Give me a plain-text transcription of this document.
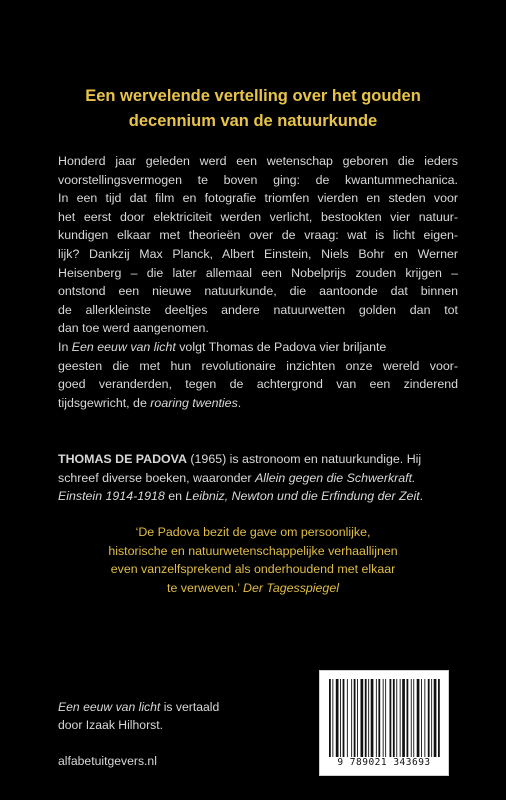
Een wervelende vertelling over het gouden
decennium van de natuurkunde
Honderd jaar geleden werd een wetenschap geboren die ieders
voorstellingsvermogen te boven ging: de kwantummechanica.
In een tijd dat film en fotografie triomfen vierden en steden voor
het eerst door elektriciteit werden verlicht, bestookten vier natuur-
kundigen elkaar met theorieën over de vraag: wat is licht eigen-
lijk? Dankzij Max Planck, Albert Einstein, Niels Bohr en Werner
Heisenberg – die later allemaal een Nobelprijs zouden krijgen –
ontstond een nieuwe natuurkunde, die aantoonde dat binnen
de allerkleinste deeltjes andere natuurwetten golden dan tot
dan toe werd aangenomen.
In Een eeuw van licht volgt Thomas de Padova vier briljante
geesten die met hun revolutionaire inzichten onze wereld voor-
goed veranderden, tegen de achtergrond van een zinderend
tijdsgewricht, de roaring twenties.
THOMAS DE PADOVA (1965) is astronoom en natuurkundige. Hij
schreef diverse boeken, waaronder Allein gegen die Schwerkraft.
Einstein 1914-1918 en Leibniz, Newton und die Erfindung der Zeit.
‘De Padova bezit de gave om persoonlijke,
historische en natuurwetenschappelijke verhaallijnen
even vanzelfsprekend als onderhoudend met elkaar
te verweven.’ Der Tagesspiegel
Een eeuw van licht is vertaald
door Izaak Hilhorst.
alfabetuitgevers.nl	9 789021 343693
